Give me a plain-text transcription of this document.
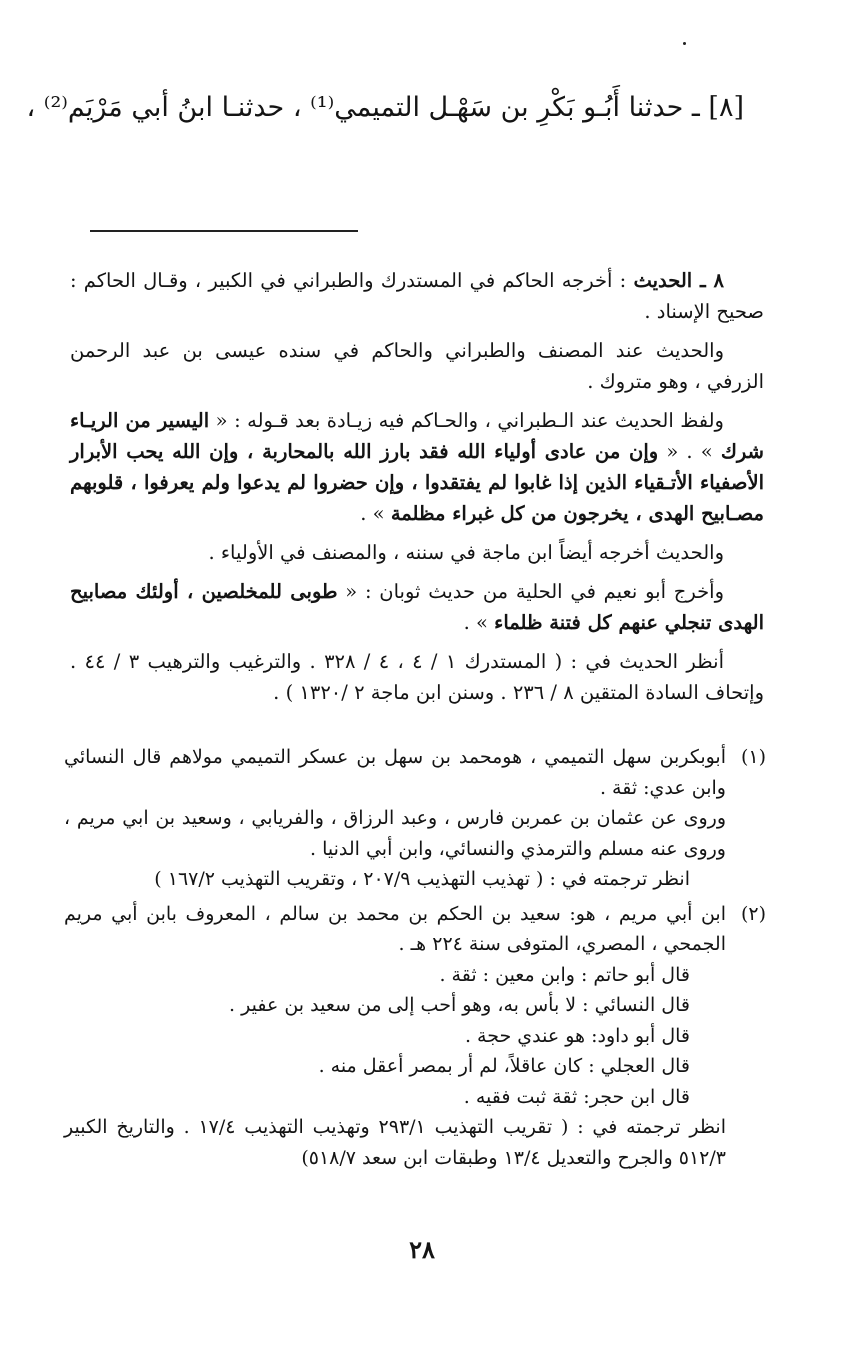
[٨] ـ حدثنا أَبُـو بَكْرِ بن سَهْـل التميمي⁽¹⁾ ، حدثنـا ابنُ أبي مَرْيَم⁽²⁾ ،

٨ ـ الحديث : أخرجه الحاكم في المستدرك والطبراني في الكبير ، وقـال الحاكم : صحيح الإسناد .

والحديث عند المصنف والطبراني والحاكم في سنده عيسى بن عبد الرحمن الزرفي ، وهو متروك .

ولفظ الحديث عند الـطبراني ، والحـاكم فيه زيـادة بعد قـوله : « اليسير من الريـاء شرك » . « وإن من عادى أولياء الله فقد بارز الله بالمحاربة ، وإن الله يحب الأبرار الأصفياء الأتـقياء الذين إذا غابوا لم يفتقدوا ، وإن حضروا لم يدعوا ولم يعرفوا ، قلوبهم مصـابيح الهدى ، يخرجون من كل غبراء مظلمة » .

والحديث أخرجه أيضاً ابن ماجة في سننه ، والمصنف في الأولياء .

وأخرج أبو نعيم في الحلية من حديث ثوبان : « طوبى للمخلصين ، أولئك مصابيح الهدى تنجلي عنهم كل فتنة ظلماء » .

أنظر الحديث في : ( المستدرك ١ / ٤ ، ٤ / ٣٢٨ . والترغيب والترهيب ٣ / ٤٤ . وإتحاف السادة المتقين ٨ / ٢٣٦ . وسنن ابن ماجة ٢ /١٣٢٠ ) .

(١)

أبوبكربن سهل التميمي ، هومحمد بن سهل بن عسكر التميمي مولاهم قال النسائي وابن عدي: ثقة .

وروى عن عثمان بن عمربن فارس ، وعبد الرزاق ، والفريابي ، وسعيد بن ابي مريم ، وروى عنه مسلم والترمذي والنسائي، وابن أبي الدنيا .

انظر ترجمته في : ( تهذيب التهذيب ٢٠٧/٩ ، وتقريب التهذيب ١٦٧/٢ )

(٢)

ابن أبي مريم ، هو: سعيد بن الحكم بن محمد بن سالم ، المعروف بابن أبي مريم الجمحي ، المصري، المتوفى سنة ٢٢٤ هـ .

قال أبو حاتم : وابن معين : ثقة .

قال النسائي : لا بأس به، وهو أحب إلى من سعيد بن عفير .

قال أبو داود: هو عندي حجة .

قال العجلي : كان عاقلاً، لم أر بمصر أعقل منه .

قال ابن حجر: ثقة ثبت فقيه .

انظر ترجمته في : ( تقريب التهذيب ٢٩٣/١ وتهذيب التهذيب ١٧/٤ . والتاريخ الكبير ٥١٢/٣ والجرح والتعديل ١٣/٤ وطبقات ابن سعد ٥١٨/٧)

٢٨
